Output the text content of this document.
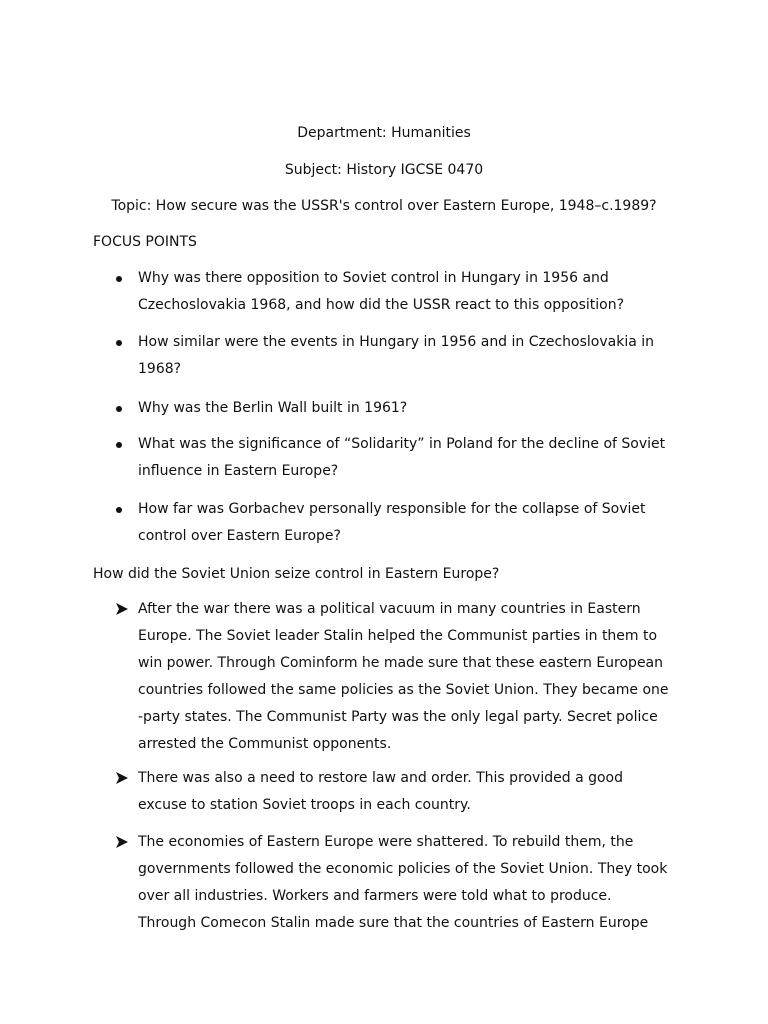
Department: Humanities
Subject: History IGCSE 0470
Topic: How secure was the USSR's control over Eastern Europe, 1948–c.1989?
FOCUS POINTS
Why was there opposition to Soviet control in Hungary in 1956 and
Czechoslovakia 1968, and how did the USSR react to this opposition?
How similar were the events in Hungary in 1956 and in Czechoslovakia in
1968?
Why was the Berlin Wall built in 1961?
What was the significance of “Solidarity” in Poland for the decline of Soviet
influence in Eastern Europe?
How far was Gorbachev personally responsible for the collapse of Soviet
control over Eastern Europe?
How did the Soviet Union seize control in Eastern Europe?
After the war there was a political vacuum in many countries in Eastern
Europe. The Soviet leader Stalin helped the Communist parties in them to
win power. Through Cominform he made sure that these eastern European
countries followed the same policies as the Soviet Union. They became one
-party states. The Communist Party was the only legal party. Secret police
arrested the Communist opponents.
There was also a need to restore law and order. This provided a good
excuse to station Soviet troops in each country.
The economies of Eastern Europe were shattered. To rebuild them, the
governments followed the economic policies of the Soviet Union. They took
over all industries. Workers and farmers were told what to produce.
Through Comecon Stalin made sure that the countries of Eastern Europe
